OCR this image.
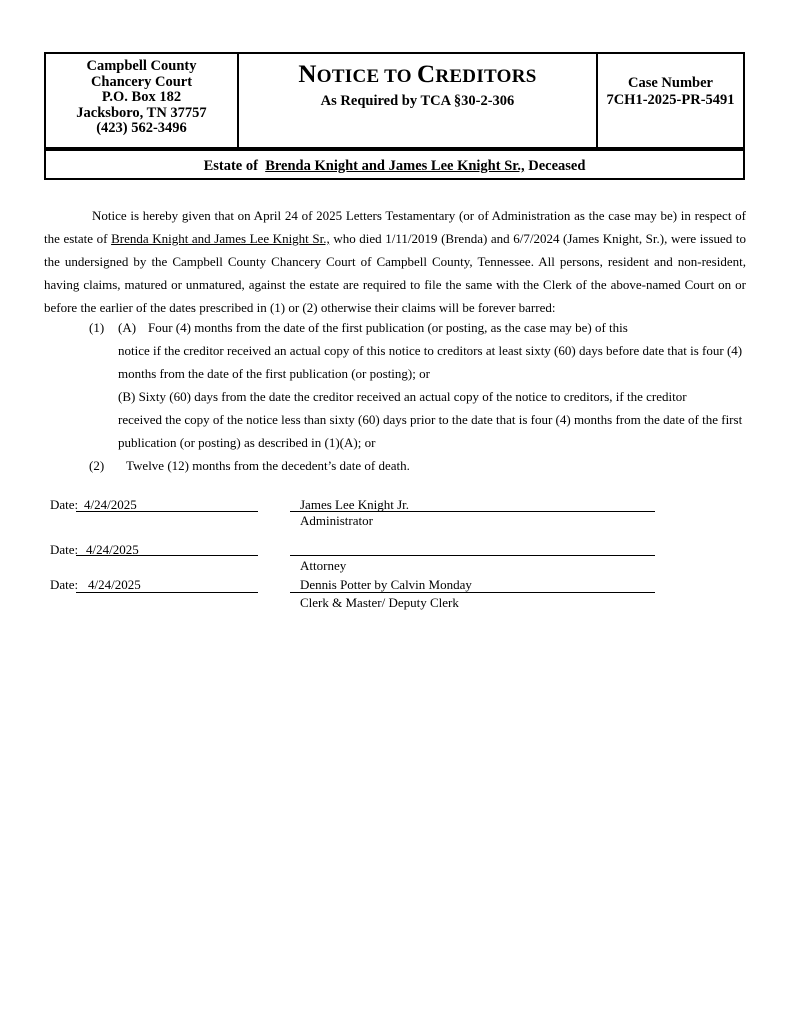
Campbell County
Chancery Court
P.O. Box 182
Jacksboro, TN 37757
(423) 562-3496
NOTICE TO CREDITORS
As Required by TCA §30-2-306
Case Number
7CH1-2025-PR-5491
Estate of Brenda Knight and James Lee Knight Sr., Deceased

Notice is hereby given that on April 24 of 2025 Letters Testamentary (or of Administration as the case may be) in respect of the estate of Brenda Knight and James Lee Knight Sr., who died 1/11/2019 (Brenda) and 6/7/2024 (James Knight, Sr.), were issued to the undersigned by the Campbell County Chancery Court of Campbell County, Tennessee. All persons, resident and non-resident, having claims, matured or unmatured, against the estate are required to file the same with the Clerk of the above-named Court on or before the earlier of the dates prescribed in (1) or (2) otherwise their claims will be forever barred:

(1) (A) Four (4) months from the date of the first publication (or posting, as the case may be) of this

notice if the creditor received an actual copy of this notice to creditors at least sixty (60) days before date that is four (4)
months from the date of the first publication (or posting); or
(B) Sixty (60) days from the date the creditor received an actual copy of the notice to creditors, if the creditor
received the copy of the notice less than sixty (60) days prior to the date that is four (4) months from the date of the first
publication (or posting) as described in (1)(A); or
(2) Twelve (12) months from the decedent’s date of death.

Date: 4/24/2025	James Lee Knight Jr.
Administrator
Date: 4/24/2025
Attorney
Date: 4/24/2025	Dennis Potter by Calvin Monday
Clerk & Master/ Deputy Clerk
